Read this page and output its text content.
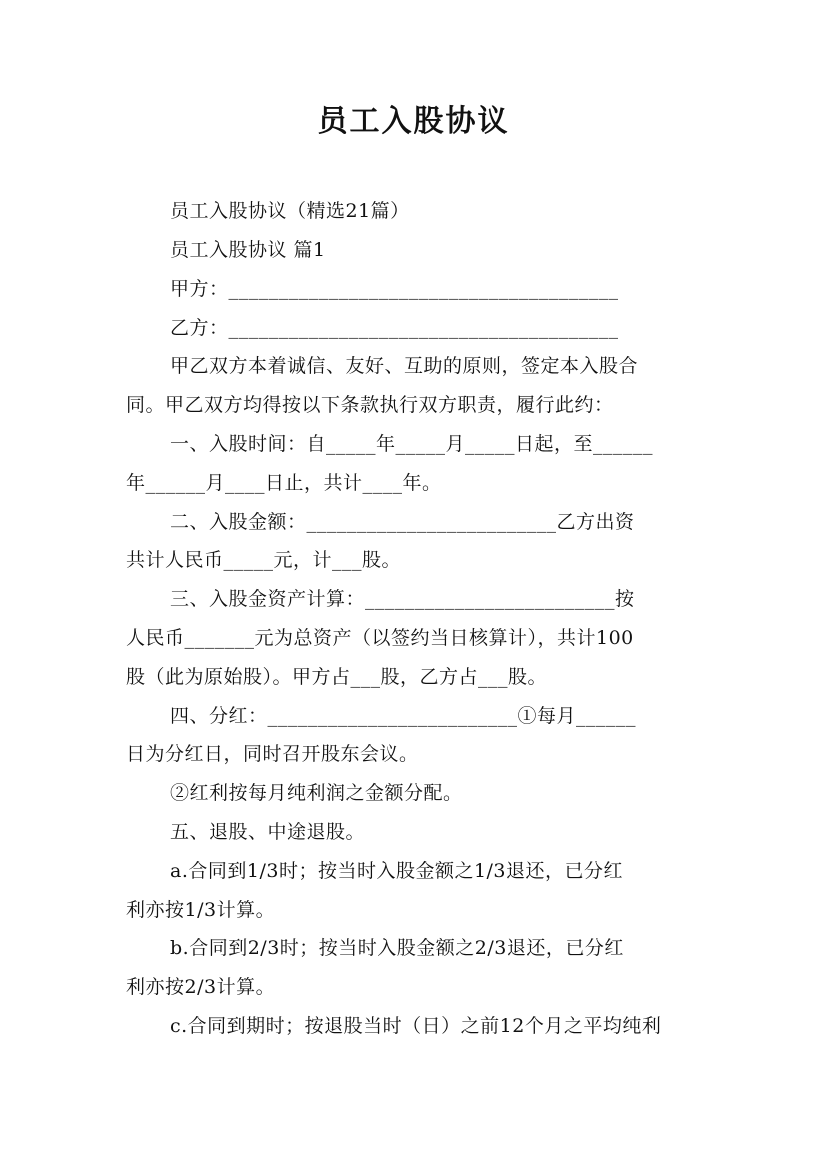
员工入股协议
员工入股协议（精选21篇）
员工入股协议 篇1
甲方：_______________________________________
乙方：_______________________________________
甲乙双方本着诚信、友好、互助的原则，签定本入股合
同。甲乙双方均得按以下条款执行双方职责，履行此约：
一、入股时间：自_____年_____月_____日起，至______
年______月____日止，共计____年。
二、入股金额：_________________________乙方出资
共计人民币_____元，计___股。
三、入股金资产计算：_________________________按
人民币_______元为总资产（以签约当日核算计），共计100
股（此为原始股）。甲方占___股，乙方占___股。
四、分红：_________________________①每月______
日为分红日，同时召开股东会议。
②红利按每月纯利润之金额分配。
五、退股、中途退股。
a.合同到1/3时；按当时入股金额之1/3退还，已分红
利亦按1/3计算。
b.合同到2/3时；按当时入股金额之2/3退还，已分红
利亦按2/3计算。
c.合同到期时；按退股当时（日）之前12个月之平均纯利
